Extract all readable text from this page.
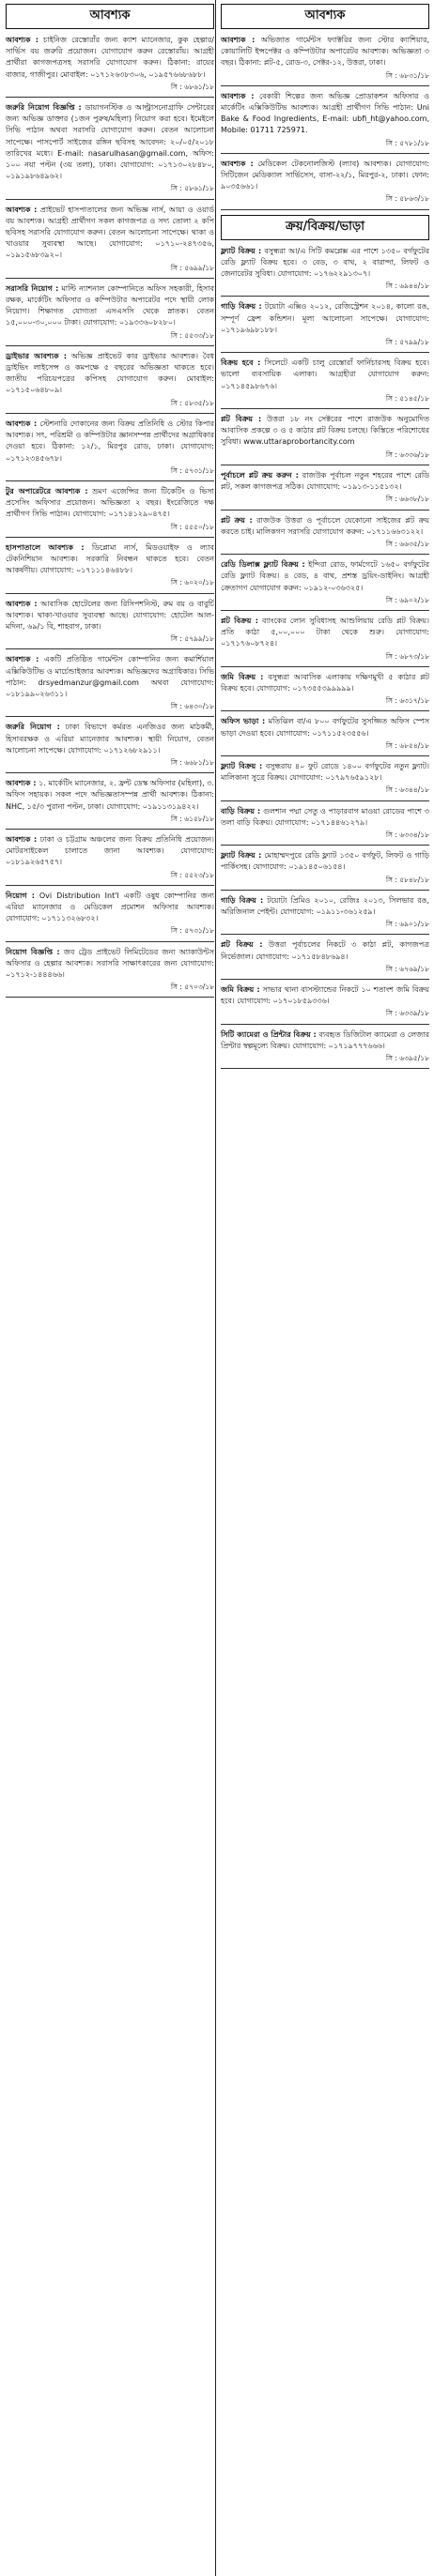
আবশ্যক
আবশ্যক : চাইনিজ রেস্তোরাঁর জন্য ক্যাশ ম্যানেজার, কুক হেল্পার/সার্ভিস বয় জরুরি প্রয়োজন। যোগাযোগ করুন রেস্তোরাঁয়। আগ্রহী প্রার্থীরা কাগজপত্রসহ সরাসরি যোগাযোগ করুন। ঠিকানা: রায়ের বাজার, গাজীপুর। মোবাইল: ০১৭১২৬৩৮৩০৬, ০১৯৫৭৬৬৮৬৮৮।
সি : ৬৮৬১/১৮
জরুরি নিয়োগ বিজ্ঞপ্তি : ডায়াগনস্টিক ও আল্ট্রাসনোগ্রাফি সেন্টারের জন্য অভিজ্ঞ ডাক্তার (১জন পুরুষ/মহিলা) নিয়োগ করা হবে। ইমেইলে সিভি পাঠান অথবা সরাসরি যোগাযোগ করুন। বেতন আলোচনা সাপেক্ষে। পাসপোর্ট সাইজের রঙ্গিন ছবিসহ আবেদন: ২০/০৫/২০১৮ তারিখের মধ্যে। E-mail: nasarulhasan@gmail.com, অফিস: ১০০ নয়া পল্টন (৩য় তলা), ঢাকা। যোগাযোগ: ০১৭১৩০২৮৪৮০, ০১৯১৯৮৬৪৯৬২।
সি : ৫৮৬১/১৮
আবশ্যক : প্রাইভেট হাসপাতালের জন্য অভিজ্ঞ নার্স, আয়া ও ওয়ার্ড বয় আবশ্যক। আগ্রহী প্রার্থীগণ সকল কাগজপত্র ও সদ্য তোলা ২ কপি ছবিসহ সরাসরি যোগাযোগ করুন। বেতন আলোচনা সাপেক্ষে। থাকা ও খাওয়ার সুব্যবস্থা আছে। যোগাযোগ: ০১৭১০-২৪৭৩৫৬, ০১৯১৫৬৮৩৯২০।
সি : ৫৬৯৯/১৮
সরাসরি নিয়োগ : মাল্টি ন্যাশনাল কোম্পানিতে অফিস সহকারী, হিসাব রক্ষক, মার্কেটিং অফিসার ও কম্পিউটার অপারেটর পদে স্থায়ী লোক নিয়োগ। শিক্ষাগত যোগ্যতা এসএসসি থেকে স্নাতক। বেতন ১৫,০০০-৩০,০০০ টাকা। যোগাযোগ: ০১৯৩৩৬০৮২৮০।
সি : ৫৫৩৩/১৮
ড্রাইভার আবশ্যক : অভিজ্ঞ প্রাইভেট কার ড্রাইভার আবশ্যক। বৈধ ড্রাইভিং লাইসেন্স ও কমপক্ষে ৫ বছরের অভিজ্ঞতা থাকতে হবে। জাতীয় পরিচয়পত্রের কপিসহ যোগাযোগ করুন। মোবাইল: ০১৭১৫০৬৪৮০৯।
সি : ৫৮৩৫/১৮
আবশ্যক : স্টেশনারি দোকানের জন্য বিক্রয় প্রতিনিধি ও স্টোর কিপার আবশ্যক। সৎ, পরিশ্রমী ও কম্পিউটার জ্ঞানসম্পন্ন প্রার্থীদের অগ্রাধিকার দেওয়া হবে। ঠিকানা: ১২/১, মিরপুর রোড, ঢাকা। যোগাযোগ: ০১৭১২৩৪৫৬৭৮।
সি : ৫৭৩১/১৮
টুর অপারেটরে আবশ্যক : ভ্রমণ এজেন্সির জন্য টিকেটিং ও ভিসা প্রসেসিং অফিসার প্রয়োজন। অভিজ্ঞতা ২ বছর। ইংরেজিতে দক্ষ প্রার্থীগণ সিভি পাঠান। যোগাযোগ: ০১৭১৪১২৯০৪৭৫।
সি : ৫৫৫০/১৮
হাসপাতালে আবশ্যক : ডিপ্লোমা নার্স, মিডওয়াইফ ও ল্যাব টেকনিশিয়ান আবশ্যক। সরকারি নিবন্ধন থাকতে হবে। বেতন আকর্ষণীয়। যোগাযোগ: ০১৭১১১৪৬৪৮৮।
সি : ৬০২০/১৮
আবশ্যক : আবাসিক হোটেলের জন্য রিসিপশনিস্ট, রুম বয় ও বাবুর্চি আবশ্যক। থাকা-খাওয়ার সুব্যবস্থা আছে। যোগাযোগ: হোটেল আল-মদিনা, ৬৯/১ বি, শাহবাগ, ঢাকা।
সি : ৫৭৯৯/১৮
আবশ্যক : একটি প্রতিষ্ঠিত গার্মেন্টস কোম্পানির জন্য কমার্শিয়াল এক্সিকিউটিভ ও মার্চেন্ডাইজার আবশ্যক। অভিজ্ঞদের অগ্রাধিকার। সিভি পাঠান: drsyedmanzur@gmail.com অথবা যোগাযোগ: ০১৮১৯৯০২৬৩১১।
সি : ৬৪৩০/১৮
জরুরি নিয়োগ : ঢাকা বিভাগে কর্মরত এনজিওর জন্য মাঠকর্মী, হিসাবরক্ষক ও এরিয়া ম্যানেজার আবশ্যক। স্থায়ী নিয়োগ, বেতন আলোচনা সাপেক্ষে। যোগাযোগ: ০১৭১২৬৮২৯১১।
সি : ৬৬৮১/১৮
আবশ্যক : ১. মার্কেটিং ম্যানেজার, ২. ফ্রন্ট ডেস্ক অফিসার (মহিলা), ৩. অফিস সহায়ক। সকল পদে অভিজ্ঞতাসম্পন্ন প্রার্থী আবশ্যক। ঠিকানা: NHC, ১৫/৩ পুরানা পল্টন, ঢাকা। যোগাযোগ: ০১৯১১৩১৯৪২২।
সি : ৬১৫৮/১৮
আবশ্যক : ঢাকা ও চট্টগ্রাম অঞ্চলের জন্য বিক্রয় প্রতিনিধি প্রয়োজন। মোটরসাইকেল চালাতে জানা আবশ্যক। যোগাযোগ: ০১৮১৯২৬৫৭৫৭।
সি : ৫৫২৩/১৮
নিয়োগ : Ovi Distribution Int'l একটি ওষুধ কোম্পানির জন্য এরিয়া ম্যানেজার ও মেডিকেল প্রমোশন অফিসার আবশ্যক। যোগাযোগ: ০১৭১১৩২৬৮৩২।
সি : ৫৭৩১/১৮
নিয়োগ বিজ্ঞপ্তি : জব ট্রেড প্রাইভেট লিমিটেডের জন্য অ্যাকাউন্টস অফিসার ও হেল্পার আবশ্যক। সরাসরি সাক্ষাৎকারের জন্য যোগাযোগ: ০১৭১২-১৪৪৪৬৬।
সি : ৫৭০৩/১৮
আবশ্যক
আবশ্যক : অভিজাত গার্মেন্টস ফ্যাক্টরির জন্য স্টোর ক্যাশিয়ার, কোয়ালিটি ইন্সপেক্টর ও কম্পিউটার অপারেটর আবশ্যক। অভিজ্ঞতা ৩ বছর। ঠিকানা: প্লট-৫, রোড-৩, সেক্টর-১২, উত্তরা, ঢাকা।
সি : ৬৮৩১/১৮
আবশ্যক : বেকারী শিল্পের জন্য অভিজ্ঞ প্রোডাকশন অফিসার ও মার্কেটিং এক্সিকিউটিভ আবশ্যক। আগ্রহী প্রার্থীগণ সিভি পাঠান: Uni Bake & Food Ingredients, E-mail: ubfi_ht@yahoo.com, Mobile: 01711 725971.
সি : ৫৭৮১/১৮
আবশ্যক : মেডিকেল টেকনোলজিস্ট (ল্যাব) আবশ্যক। যোগাযোগ: সিটিজেন মেডিক্যাল সার্ভিসেস, বাসা-২২/১, মিরপুর-২, ঢাকা। ফোন: ৯০৩৫৬৬১।
সি : ৫৮৬৩/১৮
ক্রয়/বিক্রয়/ভাড়া
ফ্ল্যাট বিক্রয় : বসুন্ধরা আ/এ সিটি কমপ্লেক্স এর পাশে ১৩৫০ বর্গফুটের রেডি ফ্ল্যাট বিক্রয় হবে। ৩ বেড, ৩ বাথ, ২ বারান্দা, লিফট ও জেনারেটর সুবিধা। যোগাযোগ: ০১৭৬২২৯১৩০৭।
সি : ৬৯৪৪/১৮
গাড়ি বিক্রয় : টয়োটা এক্সিও ২০১২, রেজিস্ট্রেশন ২০১৪, কালো রঙ, সম্পূর্ণ ফ্রেশ কন্ডিশন। মূল্য আলোচনা সাপেক্ষে। যোগাযোগ: ০১৭১৯৬৯৮১৮৮।
সি : ৫৭৯৯/১৮
বিক্রয় হবে : সিলেটে একটি চালু রেস্তোরাঁ ফার্নিচারসহ বিক্রয় হবে। ভালো ব্যবসায়িক এলাকা। আগ্রহীরা যোগাযোগ করুন: ০১৭১৪৫৯৮৬৭৬।
সি : ৫১৪৫/১৮
প্লট বিক্রয় : উত্তরা ১৮ নং সেক্টরের পাশে রাজউক অনুমোদিত আবাসিক প্রকল্পে ৩ ও ৫ কাঠার প্লট বিক্রয় চলছে। কিস্তিতে পরিশোধের সুবিধা। www.uttaraprobortancity.com
সি : ৬৩৩৬/১৮
পূর্বাচলে প্লট ক্রয় করুন : রাজউক পূর্বাচল নতুন শহরের পাশে রেডি প্লট, সকল কাগজপত্র সঠিক। যোগাযোগ: ০১৯১৩-১১৫১৩২।
সি : ৬৬৩৮/১৮
প্লট ক্রয় : রাজউক উত্তরা ও পূর্বাচলে যেকোনো সাইজের প্লট ক্রয় করতে চাই। মালিকগণ সরাসরি যোগাযোগ করুন: ০১৭১১৬৬৩১২২।
সি : ৬৬৩৫/১৮
রেডি ডিলাক্স ফ্ল্যাট বিক্রয় : ইন্দিরা রোড, ফার্মগেটে ১৬৫০ বর্গফুটের রেডি ফ্ল্যাট বিক্রয়। ৪ বেড, ৪ বাথ, প্রশস্ত ড্রয়িং-ডাইনিং। আগ্রহী ক্রেতাগণ যোগাযোগ করুন: ০১৯১২-০৩৬৩২৫।
সি : ৬৯০২/১৮
প্লট বিক্রয় : ব্যাংকের লোন সুবিধাসহ আশুলিয়ায় রেডি প্লট বিক্রয়। প্রতি কাঠা ৫,০০,০০০ টাকা থেকে শুরু। যোগাযোগ: ০১৭১৭৬০৮৭২৪।
সি : ৬৮৭৩/১৮
জমি বিক্রয় : বসুন্ধরা আবাসিক এলাকায় দক্ষিণমুখী ৫ কাঠার প্লট বিক্রয় হবে। যোগাযোগ: ০১৭৩৫৫৩৯৯৯৯৯।
সি : ৬৩১৭/১৮
অফিস ভাড়া : মতিঝিল বা/এ ৮০০ বর্গফুটের সুসজ্জিত অফিস স্পেস ভাড়া দেওয়া হবে। যোগাযোগ: ০১৭১১৫২৩৫৫৬।
সি : ৬৮৫৪/১৮
ফ্ল্যাট বিক্রয় : বসুন্ধরায় ৪০ ফুট রোডে ১৪০০ বর্গফুটের নতুন ফ্ল্যাট। মালিকানা সুত্রে বিক্রয়। যোগাযোগ: ০১৭৯৭৬৫৯১২৮।
সি : ৬৩৪৪/১৮
বাড়ি বিক্রয় : গুলশান পদ্মা সেতু ও পাড়ারবাগ মাওয়া রোডের পাশে ৩ তলা বাড়ি বিক্রয়। যোগাযোগ: ০১৭১৪৪৬১২৭৯।
সি : ৬৩৩৪/১৮
ফ্ল্যাট বিক্রয় : মোহাম্মদপুরে রেডি ফ্ল্যাট ১৩৫০ বর্গফুট, লিফট ও গাড়ি পার্কিংসহ। যোগাযোগ: ০১৯১৪৫০৬১৫৪।
সি : ৫৮৪৮/১৮
গাড়ি বিক্রয় : টয়োটা প্রিমিও ২০১০, রেজিঃ ২০১৩, সিলভার রঙ, অরিজিনাল পেইন্ট। যোগাযোগ: ০১৯১১-৩৬১২৫৯।
সি : ৬৯০১/১৮
প্লট বিক্রয় : উত্তরা পূর্বাচলের নিকটে ৩ কাঠা প্লট, কাগজপত্র নির্ভেজাল। যোগাযোগ: ০১৭১৫৮৪৮৬৯৪।
সি : ৬৭৬৯/১৮
জমি বিক্রয় : সাভার থানা বাসস্ট্যান্ডের নিকটে ১০ শতাংশ জমি বিক্রয় হবে। যোগাযোগ: ০১৭০১৮৫৯৩৩৬।
সি : ৬৩৩৯/১৮
সিটি ক্যামেরা ও প্রিন্টার বিক্রয় : ব্যবহৃত ডিজিটাল ক্যামেরা ও লেজার প্রিন্টার স্বল্পমূল্যে বিক্রয়। যোগাযোগ: ০১৭১৯৭৭৭৬৬৬।
সি : ৬৩৯৫/১৮
